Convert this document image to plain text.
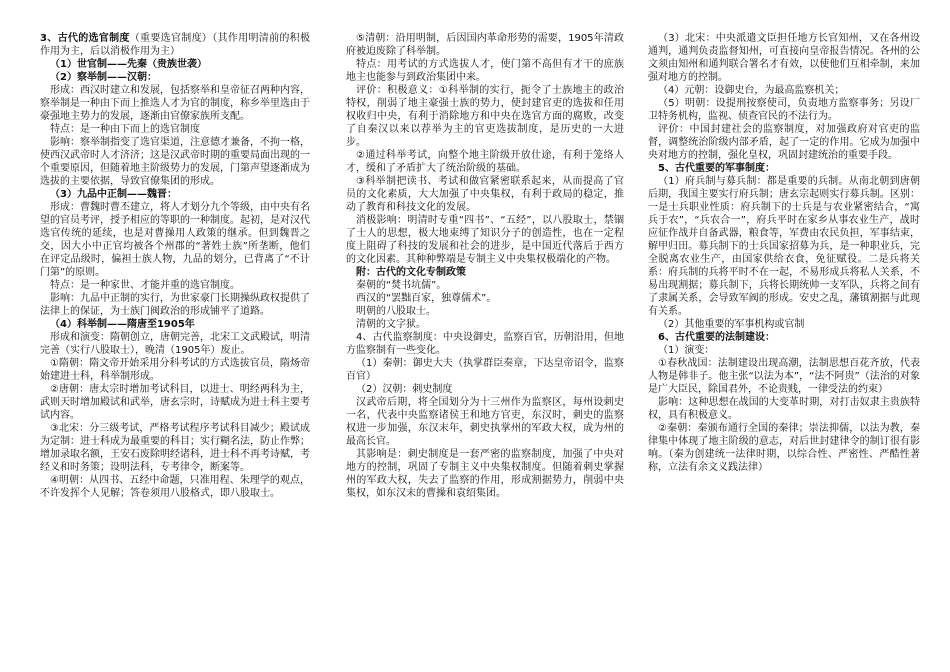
3、古代的选官制度（重要选官制度）（其作用明清前的积极作用为主，后以消极作用为主）

（1）世官制——先秦（贵族世袭）

（2）察举制——汉朝：

形成：西汉时建立和发展，包括察举和皇帝征召两种内容，察举制是一种由下而上推选人才为官的制度，称乡举里选由于豪强地主势力的发展，逐渐由官僚家族所支配。

特点：是一种由下而上的选官制度

影响：察举制指变了选官渠道，注意德才兼备，不拘一格，使西汉武帝时人才济济；这是汉武帝时期的重要局面出现的一个重要原因，但随着地主阶级势力的发展，门第声望逐渐成为选拔的主要依据，导致官僚集团的形成。

（3）九品中正制——魏晋：

形成：曹魏时曹丕建立，将人才划分九个等级，由中央有名望的官员考评，授予相应的等职的一种制度。起初，是对汉代选官传统的延续，也是对曹操用人政策的继承。但到魏晋之交，因大小中正官均被各个州郡的“著姓士族”所垄断，他们在评定品级时，偏袒士族人物，九品的划分，已背离了“不计门第”的原则。

特点：是一种家世、才能并重的选官制度。

影响：九品中正制的实行，为世家豪门长期操纵政权提供了法律上的保证，为士族门阀政治的形成铺平了道路。

（4）科举制——隋唐至1905年

形成和演变：隋朝创立，唐朝完善，北宋工文武殿试，明清完善（实行八股取士），晚清（1905年）废止。

①隋朝：隋文帝开始采用分科考试的方式选拔官员，隋炀帝始建进士科，科举制形成。

②唐朝：唐太宗时增加考试科目，以进士、明经两科为主，武则天时增加殿试和武举，唐玄宗时，诗赋成为进士科主要考试内容。

③北宋：分三级考试，严格考试程序考试科目减少；殿试成为定制：进士科成为最重要的科目；实行糊名法，防止作弊；增加录取名额，王安石废除明经诸科，进士科不再考诗赋，考经义和时务策；设明法科，专考律令，断案等。

④明朝：从四书、五经中命题，只准用程、朱理学的观点，不许发挥个人见解；答卷须用八股格式，即八股取士。

⑤清朝：沿用明制，后因国内革命形势的需要，1905年清政府被迫废除了科举制。

特点：用考试的方式选拔人才，使门第不高但有才干的庶族地主也能参与到政治集团中来。

评价：积极意义：①科举制的实行，扼令了士族地主的政治特权，削弱了地主豪强士族的势力，使封建官吏的选拔和任用权收归中央，有利于消除地方和中央在选官方面的腐败，改变了自秦汉以来以荐举为主的官吏选拔制度，是历史的一大进步。

②通过科举考试，向整个地主阶级开放仕途，有利于笼络人才，缓和了矛盾扩大了统治阶级的基础。

③科举制把读书、考试和做官紧密联系起来，从而提高了官员的文化素质，大大加强了中央集权，有利于政局的稳定，推动了教育和科技文化的发展。

消极影响：明清时专重“四书”、“五经”，以八股取士，禁锢了士人的思想，极大地束缚了知识分子的创造性，也在一定程度上阻碍了科技的发展和社会的进步，是中国近代落后于西方的文化因素。其种种弊端是专制主义中央集权极端化的产物。

附：古代的文化专制政策

秦朝的“焚书坑儒”。

西汉的“罢黜百家，独尊儒术”。

明朝的八股取士。

清朝的文字狱。

4、古代监察制度：中央设御史，监察百官，历朝沿用，但地方监察制有一些变化。

（1）秦朝：御史大夫（执掌群臣奏章，下达皇帝诏令，监察百官）

（2）汉朝：刺史制度

汉武帝后期，将全国划分为十三州作为监察区，每州设刺史一名，代表中央监察诸侯王和地方官吏，东汉时，刺史的监察权进一步加强，东汉末年，刺史执掌州的军政大权，成为州的最高长官。

其影响是：刺史制度是一套严密的监察制度，加强了中央对地方的控制，巩固了专制主义中央集权制度。但随着刺史掌握州的军政大权，失去了监察的作用，形成割据势力，削弱中央集权，如东汉末的曹操和袁绍集团。

（3）北宋：中央派遣文臣担任地方长官知州，又在各州设通判，通判负责监督知州，可直接向皇帝报告情况。各州的公文须由知州和通判联合署名才有效，以使他们互相牵制，来加强对地方的控制。

（4）元朝：设御史台，为最高监察机关；

（5）明朝：设提刑按察使司，负责地方监察事务；另设厂卫特务机构，监视、侦查官民的不法行为。

评价：中国封建社会的监察制度，对加强政府对官吏的监督，调整统治阶级内部矛盾，起了一定的作用。它成为加强中央对地方的控制，强化皇权，巩固封建统治的重要手段。

5、古代重要的军事制度：

（1）府兵制与募兵制：都是重要的兵制。从南北朝到唐朝后期，我国主要实行府兵制；唐玄宗起则实行募兵制。区别：一是士兵职业性质：府兵制下的士兵是与农业紧密结合，“寓兵于农”，“兵农合一”，府兵平时在家乡从事农业生产，战时应征作战并自备武器，粮食等，军费由农民负担，军事结束，解甲归田。募兵制下的士兵国家招募为兵，是一种职业兵，完全脱离农业生产，由国家供给衣食，免征赋役。二是兵将关系：府兵制的兵将平时不在一起，不易形成兵将私人关系，不易出现割据；募兵制下，兵将长期统帅一支军队，兵将之间有了隶属关系，会导致军阀的形成。安史之乱，藩镇割据与此现有关系。

（2）其他重要的军事机构或官制

6、古代重要的法制建设：

（1）演变：

①春秋战国：法制建设出现高潮，法制思想百花齐放，代表人物是韩非子。他主张“以法为本”，“法不阿贵”（法治的对象是广大臣民，除国君外，不论贵贱，一律受法的约束）

影响：这种思想在战国的大变革时期，对打击奴隶主贵族特权，具有积极意义。

②秦朝：秦颁布通行全国的秦律；崇法抑儒，以法为教，秦律集中体现了地主阶级的意志，对后世封建律令的制订很有影响。（秦为创建统一法律时期，以综合性、严密性、严酷性著称，立法有余文义践法律）
